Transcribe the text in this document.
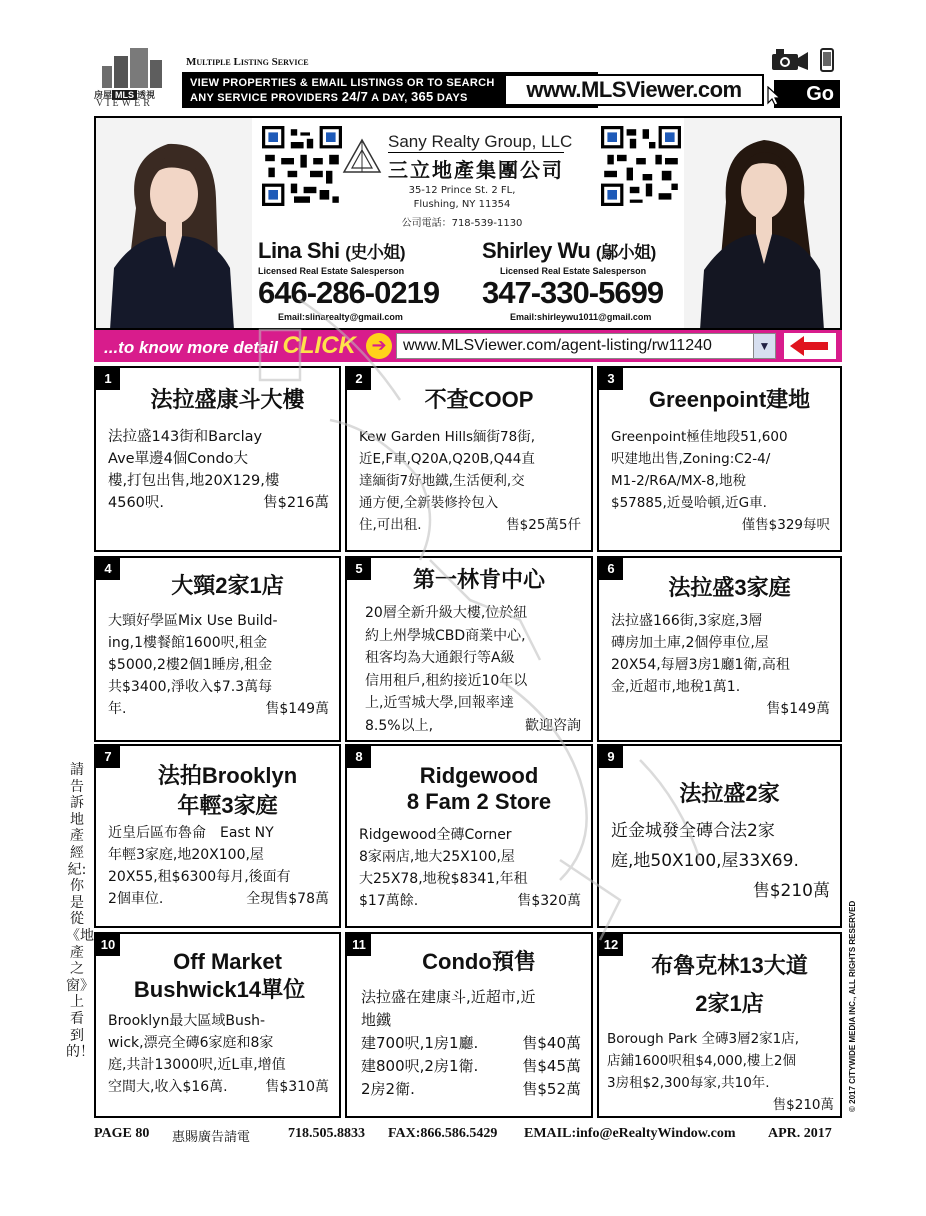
房屋 MLS 透視
VIEWER
Multiple Listing Service
VIEW PROPERTIES & EMAIL LISTINGS OR TO SEARCH
ANY SERVICE PROVIDERS 24/7 A DAY, 365 DAYS	www.MLSViewer.com	Go
Sany Realty Group, LLC
三立地產集團公司
35-12 Prince St. 2 FL,
Flushing, NY 11354
公司電話：718-539-1130
Lina Shi (史小姐)
Licensed Real Estate Salesperson
646-286-0219
Email:slinarealty@gmail.com
Shirley Wu (鄔小姐)
Licensed Real Estate Salesperson
347-330-5699
Email:shirleywu1011@gmail.com
...to know more detail CLICK ➔	www.MLSViewer.com/agent-listing/rw11240	▼
1
法拉盛康斗大樓
法拉盛143街和Barclay
Ave單邊4個Condo大
樓,打包出售,地20X129,樓
4560呎.	售$216萬
2
不查COOP
Kew Garden Hills緬街78街,
近E,F車,Q20A,Q20B,Q44直
達緬街7好地鐵,生活便利,交
通方便,全新裝修拎包入
住,可出租.	售$25萬5仟
3
Greenpoint建地
Greenpoint極佳地段51,600
呎建地出售,Zoning:C2-4/
M1-2/R6A/MX-8,地稅
$57885,近曼哈頓,近G車.
僅售$329每呎
4
大頸2家1店
大頸好學區Mix Use Build-
ing,1樓餐館1600呎,租金
$5000,2樓2個1睡房,租金
共$3400,淨收入$7.3萬每
年.	售$149萬
5	第一林肯中心
20層全新升級大樓,位於紐
約上州學城CBD商業中心,
租客均為大通銀行等A級
信用租戶,租約接近10年以
上,近雪城大學,回報率達
8.5%以上,	歡迎咨詢
6
法拉盛3家庭
法拉盛166街,3家庭,3層
磚房加土庫,2個停車位,屋
20X54,每層3房1廳1衛,高租
金,近超市,地稅1萬1.
售$149萬
7
法拍Brooklyn
年輕3家庭
近皇后區布魯侖　East NY
年輕3家庭,地20X100,屋
20X55,租$6300每月,後面有
2個車位.	全現售$78萬
8
Ridgewood
8 Fam 2 Store
Ridgewood全磚Corner
8家兩店,地大25X100,屋
大25X78,地稅$8341,年租
$17萬餘.	售$320萬
9
法拉盛2家
近金城發全磚合法2家
庭,地50X100,屋33X69.
售$210萬
10
Off Market
Bushwick14單位
Brooklyn最大區域Bush-
wick,漂亮全磚6家庭和8家
庭,共計13000呎,近L車,增值
空間大,收入$16萬.	售$310萬
11
Condo預售
法拉盛在建康斗,近超市,近
地鐵
建700呎,1房1廳.	售$40萬
建800呎,2房1衛.	售$45萬
2房2衛.	售$52萬
12
布魯克林13大道
2家1店
Borough Park 全磚3層2家1店,
店鋪1600呎租$4,000,樓上2個
3房租$2,300每家,共10年.
售$210萬
請告訴地產經紀: 你是從 《地產之窗》 上看到的！	© 2017 CITYWIDE MEDIA INC., ALL RIGHTS RESERVED
PAGE 80 惠賜廣告請電	718.505.8833 FAX:866.586.5429 EMAIL:info@eRealtyWindow.com APR. 2017
